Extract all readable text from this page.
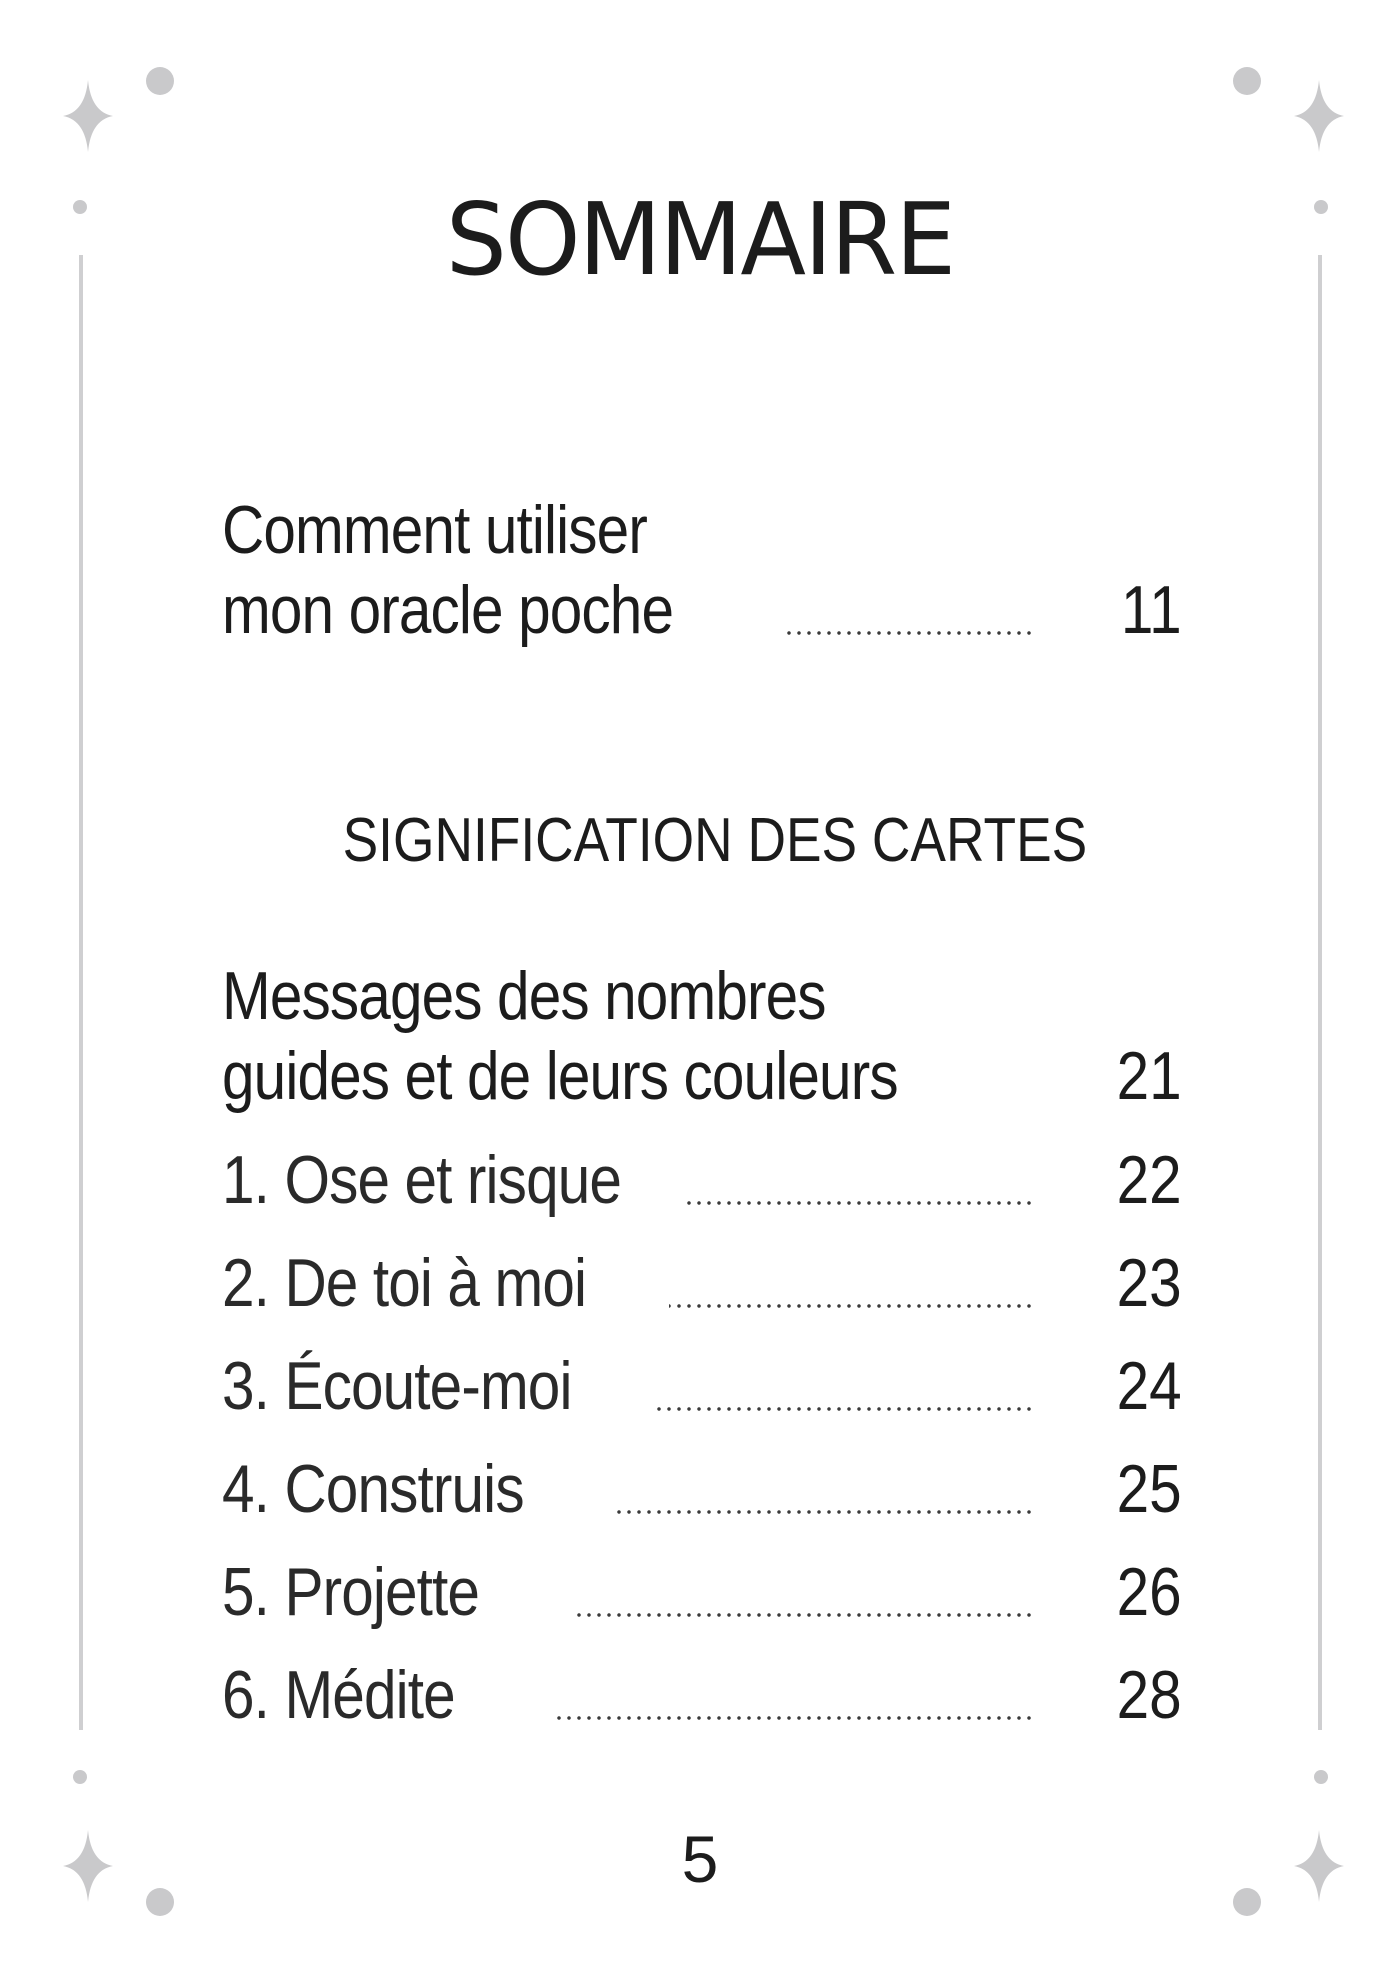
SOMMAIRE
Comment utiliser
mon oracle poche	11
SIGNIFICATION DES CARTES
Messages des nombres
guides et de leurs couleurs	21
1. Ose et risque	22
2. De toi à moi	23
3. Écoute-moi	24
4. Construis	25
5. Projette	26
6. Médite	28
5
